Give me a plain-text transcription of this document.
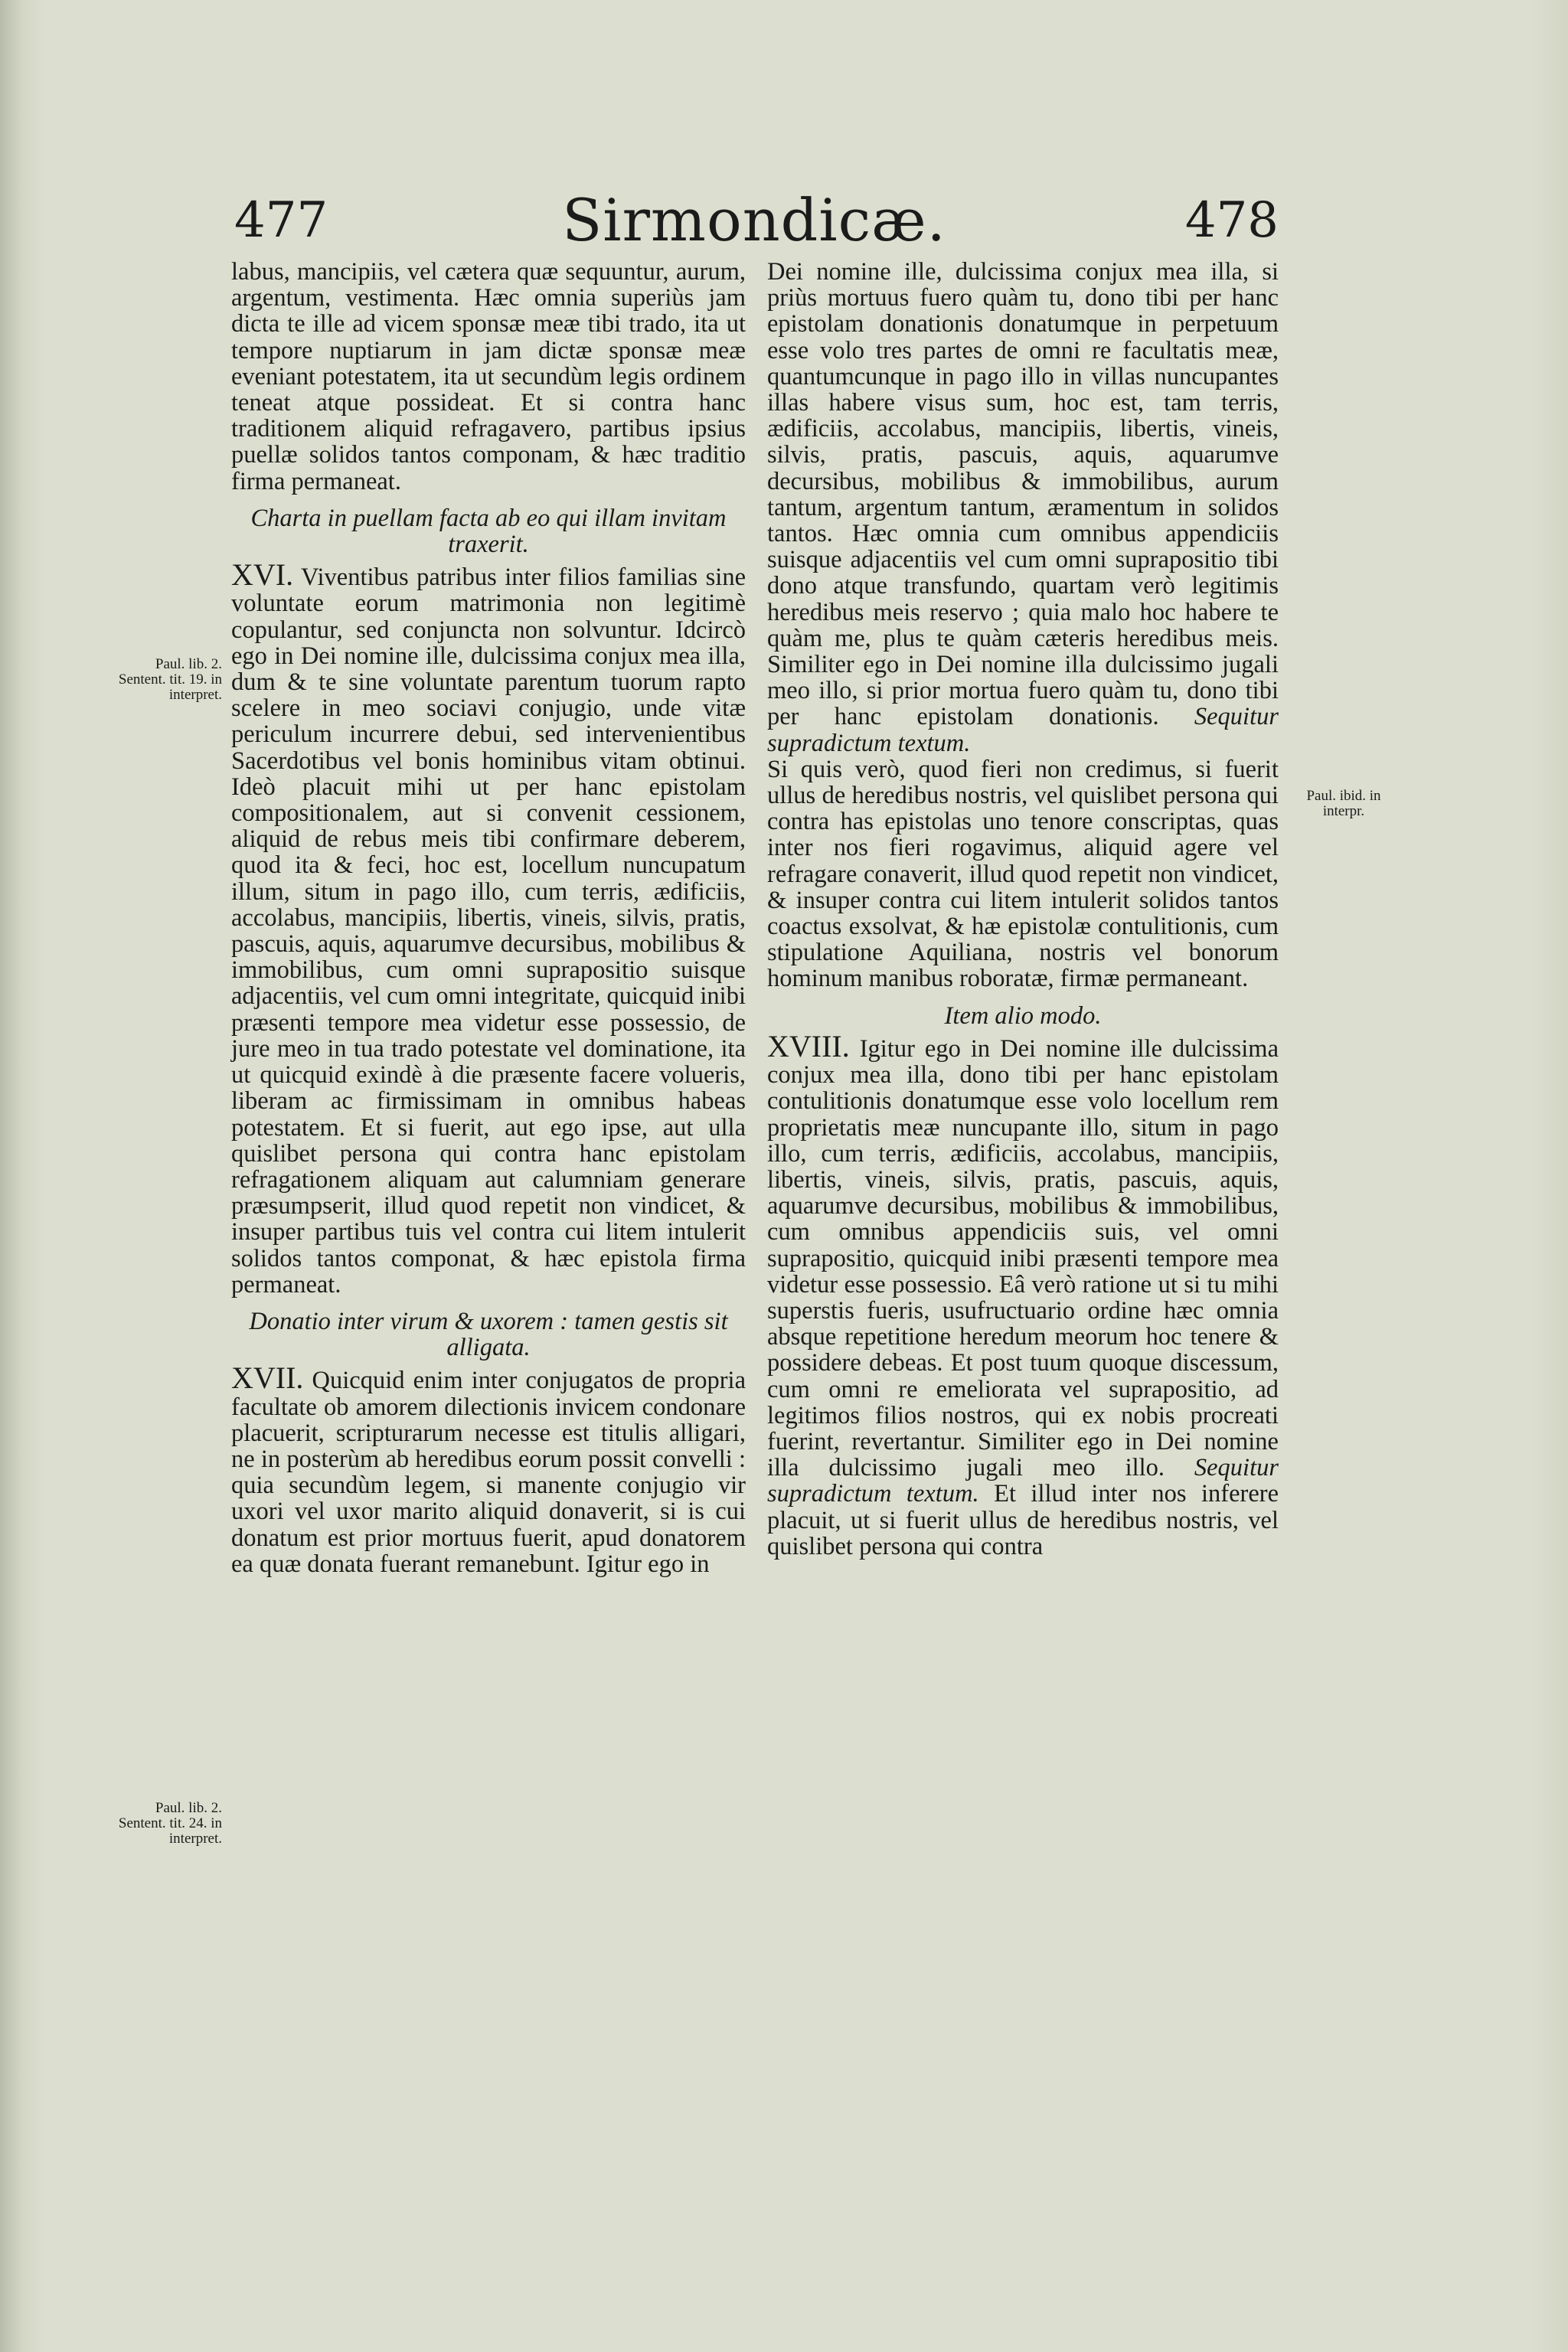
477	Sirmondicæ.	478

labus, mancipiis, vel cætera quæ sequuntur, aurum, argentum, vestimenta. Hæc omnia superiùs jam dicta te ille ad vicem sponsæ meæ tibi trado, ita ut tempore nuptiarum in jam dictæ sponsæ meæ eveniant potestatem, ita ut secundùm legis ordinem teneat atque possideat. Et si contra hanc traditionem aliquid refragavero, partibus ipsius puellæ solidos tantos componam, & hæc traditio firma permaneat.

Charta in puellam facta ab eo qui illam invitam traxerit.

XVI. Viventibus patribus inter filios familias sine voluntate eorum matrimonia non legitimè copulantur, sed conjuncta non solvuntur. Idcircò ego in Dei nomine ille, dulcissima conjux mea illa, dum & te sine voluntate parentum tuorum rapto scelere in meo sociavi conjugio, unde vitæ periculum incurrere debui, sed intervenientibus Sacerdotibus vel bonis hominibus vitam obtinui. Ideò placuit mihi ut per hanc epistolam compositionalem, aut si convenit cessionem, aliquid de rebus meis tibi confirmare deberem, quod ita & feci, hoc est, locellum nuncupatum illum, situm in pago illo, cum terris, ædificiis, accolabus, mancipiis, libertis, vineis, silvis, pratis, pascuis, aquis, aquarumve decursibus, mobilibus & immobilibus, cum omni suprapositio suisque adjacentiis, vel cum omni integritate, quicquid inibi præsenti tempore mea videtur esse possessio, de jure meo in tua trado potestate vel dominatione, ita ut quicquid exindè à die præsente facere volueris, liberam ac firmissimam in omnibus habeas potestatem. Et si fuerit, aut ego ipse, aut ulla quislibet persona qui contra hanc epistolam refragationem aliquam aut calumniam generare præsumpserit, illud quod repetit non vindicet, & insuper partibus tuis vel contra cui litem intulerit solidos tantos componat, & hæc epistola firma permaneat.

Donatio inter virum & uxorem : tamen gestis sit alligata.

XVII. Quicquid enim inter conjugatos de propria facultate ob amorem dilectionis invicem condonare placuerit, scripturarum necesse est titulis alligari, ne in posterùm ab heredibus eorum possit convelli : quia secundùm legem, si manente conjugio vir uxori vel uxor marito aliquid donaverit, si is cui donatum est prior mortuus fuerit, apud donatorem ea quæ donata fuerant remanebunt. Igitur ego in

Dei nomine ille, dulcissima conjux mea illa, si priùs mortuus fuero quàm tu, dono tibi per hanc epistolam donationis donatumque in perpetuum esse volo tres partes de omni re facultatis meæ, quantumcunque in pago illo in villas nuncupantes illas habere visus sum, hoc est, tam terris, ædificiis, accolabus, mancipiis, libertis, vineis, silvis, pratis, pascuis, aquis, aquarumve decursibus, mobilibus & immobilibus, aurum tantum, argentum tantum, æramentum in solidos tantos. Hæc omnia cum omnibus appendiciis suisque adjacentiis vel cum omni suprapositio tibi dono atque transfundo, quartam verò legitimis heredibus meis reservo ; quia malo hoc habere te quàm me, plus te quàm cæteris heredibus meis. Similiter ego in Dei nomine illa dulcissimo jugali meo illo, si prior mortua fuero quàm tu, dono tibi per hanc epistolam donationis. Sequitur supradictum textum.

Si quis verò, quod fieri non credimus, si fuerit ullus de heredibus nostris, vel quislibet persona qui contra has epistolas uno tenore conscriptas, quas inter nos fieri rogavimus, aliquid agere vel refragare conaverit, illud quod repetit non vindicet, & insuper contra cui litem intulerit solidos tantos coactus exsolvat, & hæ epistolæ contulitionis, cum stipulatione Aquiliana, nostris vel bonorum hominum manibus roboratæ, firmæ permaneant.

Item alio modo.

XVIII. Igitur ego in Dei nomine ille dulcissima conjux mea illa, dono tibi per hanc epistolam contulitionis donatumque esse volo locellum rem proprietatis meæ nuncupante illo, situm in pago illo, cum terris, ædificiis, accolabus, mancipiis, libertis, vineis, silvis, pratis, pascuis, aquis, aquarumve decursibus, mobilibus & immobilibus, cum omnibus appendiciis suis, vel omni suprapositio, quicquid inibi præsenti tempore mea videtur esse possessio. Eâ verò ratione ut si tu mihi superstis fueris, usufructuario ordine hæc omnia absque repetitione heredum meorum hoc tenere & possidere debeas. Et post tuum quoque discessum, cum omni re emeliorata vel suprapositio, ad legitimos filios nostros, qui ex nobis procreati fuerint, revertantur. Similiter ego in Dei nomine illa dulcissimo jugali meo illo. Sequitur supradictum textum. Et illud inter nos inferere placuit, ut si fuerit ullus de heredibus nostris, vel quislibet persona qui contra

Paul. lib. 2. Sentent. tit. 19. in interpret.
Paul. lib. 2. Sentent. tit. 24. in interpret.
Paul. ibid. in interpr.
